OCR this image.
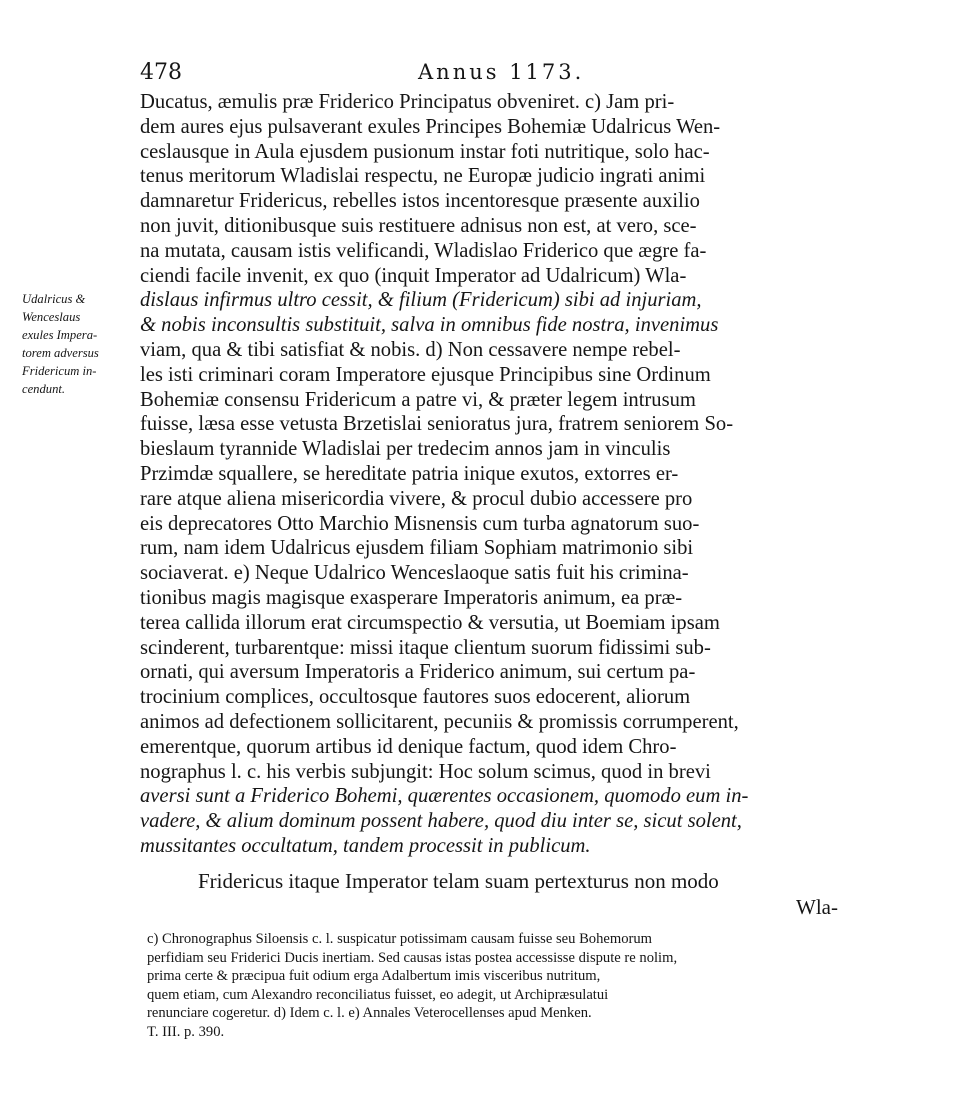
478	Annus 1173.
Udalricus &
Wenceslaus
exules Impera-
torem adversus
Fridericum in-
cendunt.
Ducatus, æmulis præ Friderico Principatus obveniret. c) Jam pri-
dem aures ejus pulsaverant exules Principes Bohemiæ Udalricus Wen-
ceslausque in Aula ejusdem pusionum instar foti nutritique, solo hac-
tenus meritorum Wladislai respectu, ne Europæ judicio ingrati animi
damnaretur Fridericus, rebelles istos incentoresque præsente auxilio
non juvit, ditionibusque suis restituere adnisus non est, at vero, sce-
na mutata, causam istis velificandi, Wladislao Friderico que ægre fa-
ciendi facile invenit, ex quo (inquit Imperator ad Udalricum) Wla-
dislaus infirmus ultro cessit, & filium (Fridericum) sibi ad injuriam,
& nobis inconsultis substituit, salva in omnibus fide nostra, invenimus
viam, qua & tibi satisfiat & nobis. d) Non cessavere nempe rebel-
les isti criminari coram Imperatore ejusque Principibus sine Ordinum
Bohemiæ consensu Fridericum a patre vi, & præter legem intrusum
fuisse, læsa esse vetusta Brzetislai senioratus jura, fratrem seniorem So-
bieslaum tyrannide Wladislai per tredecim annos jam in vinculis
Przimdæ squallere, se hereditate patria inique exutos, extorres er-
rare atque aliena misericordia vivere, & procul dubio accessere pro
eis deprecatores Otto Marchio Misnensis cum turba agnatorum suo-
rum, nam idem Udalricus ejusdem filiam Sophiam matrimonio sibi
sociaverat. e) Neque Udalrico Wenceslaoque satis fuit his crimina-
tionibus magis magisque exasperare Imperatoris animum, ea præ-
terea callida illorum erat circumspectio & versutia, ut Boemiam ipsam
scinderent, turbarentque: missi itaque clientum suorum fidissimi sub-
ornati, qui aversum Imperatoris a Friderico animum, sui certum pa-
trocinium complices, occultosque fautores suos edocerent, aliorum
animos ad defectionem sollicitarent, pecuniis & promissis corrumperent,
emerentque, quorum artibus id denique factum, quod idem Chro-
nographus l. c. his verbis subjungit: Hoc solum scimus, quod in brevi
aversi sunt a Friderico Bohemi, quærentes occasionem, quomodo eum in-
vadere, & alium dominum possent habere, quod diu inter se, sicut solent,
mussitantes occultatum, tandem processit in publicum.
Fridericus itaque Imperator telam suam pertexturus non modo
Wla-
c) Chronographus Siloensis c. l. suspicatur potissimam causam fuisse seu Bohemorum
perfidiam seu Friderici Ducis inertiam. Sed causas istas postea accessisse dispute re nolim,
prima certe & præcipua fuit odium erga Adalbertum imis visceribus nutritum,
quem etiam, cum Alexandro reconciliatus fuisset, eo adegit, ut Archipræsulatui
renunciare cogeretur. d) Idem c. l. e) Annales Veterocellenses apud Menken.
T. III. p. 390.
